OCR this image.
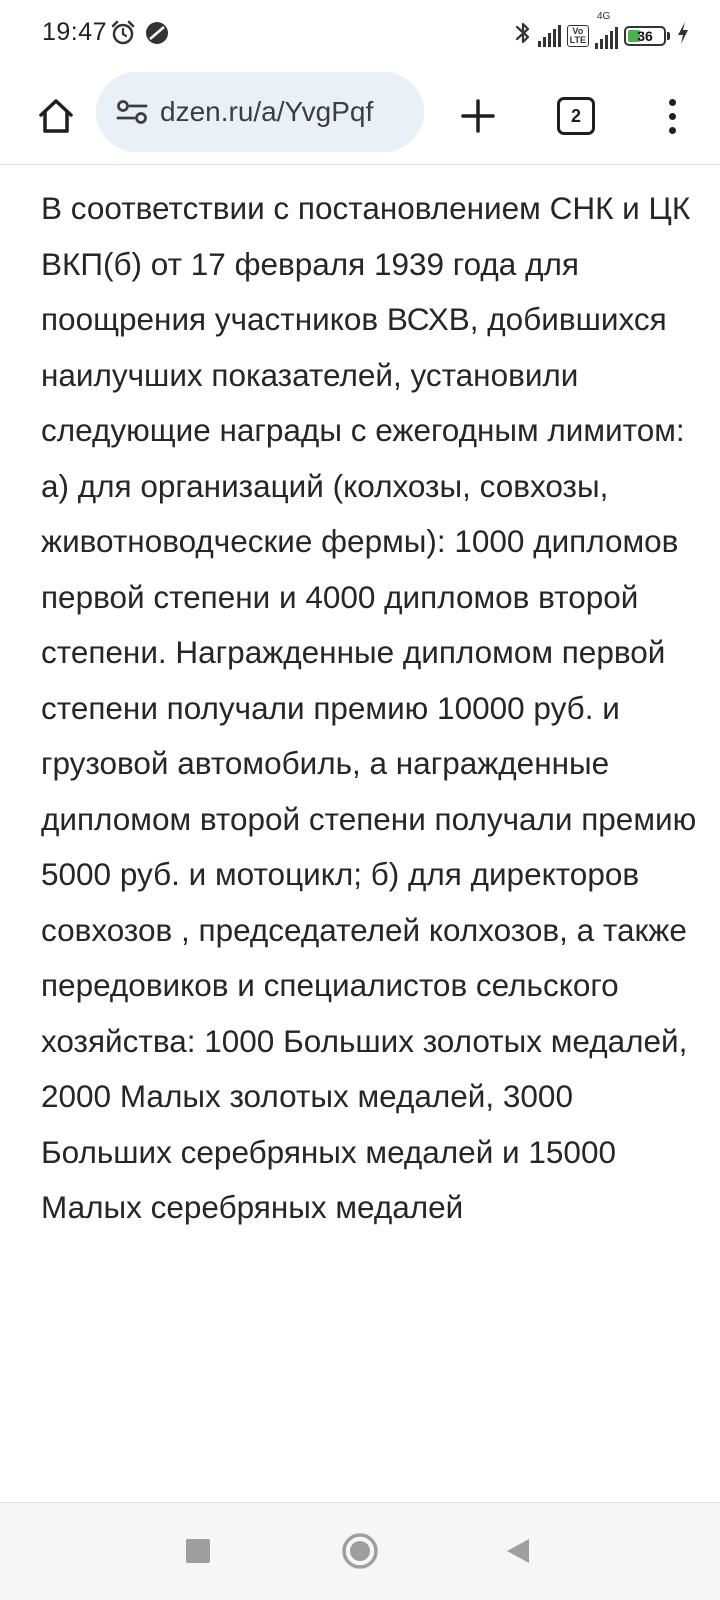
19:47	Vo
LTE
4G
36
dzen.ru/a/YvgPqf	2

В соответствии с постановлением СНК и ЦК ВКП(б) от 17 февраля 1939 года для поощрения участников ВСХВ, добившихся наилучших показателей, установили следующие награды с ежегодным лимитом: а) для организаций (колхозы, совхозы, животноводческие фермы): 1000 дипломов первой степени и 4000 дипломов второй степени. Награжденные дипломом первой степени получали премию 10000 руб. и грузовой автомобиль, а награжденные дипломом второй степени получали премию 5000 руб. и мотоцикл; б) для директоров совхозов , председателей колхозов, а также передовиков и специалистов сельского хозяйства: 1000 Больших золотых медалей, 2000 Малых золотых медалей, 3000 Больших серебряных медалей и 15000 Малых серебряных медалей
